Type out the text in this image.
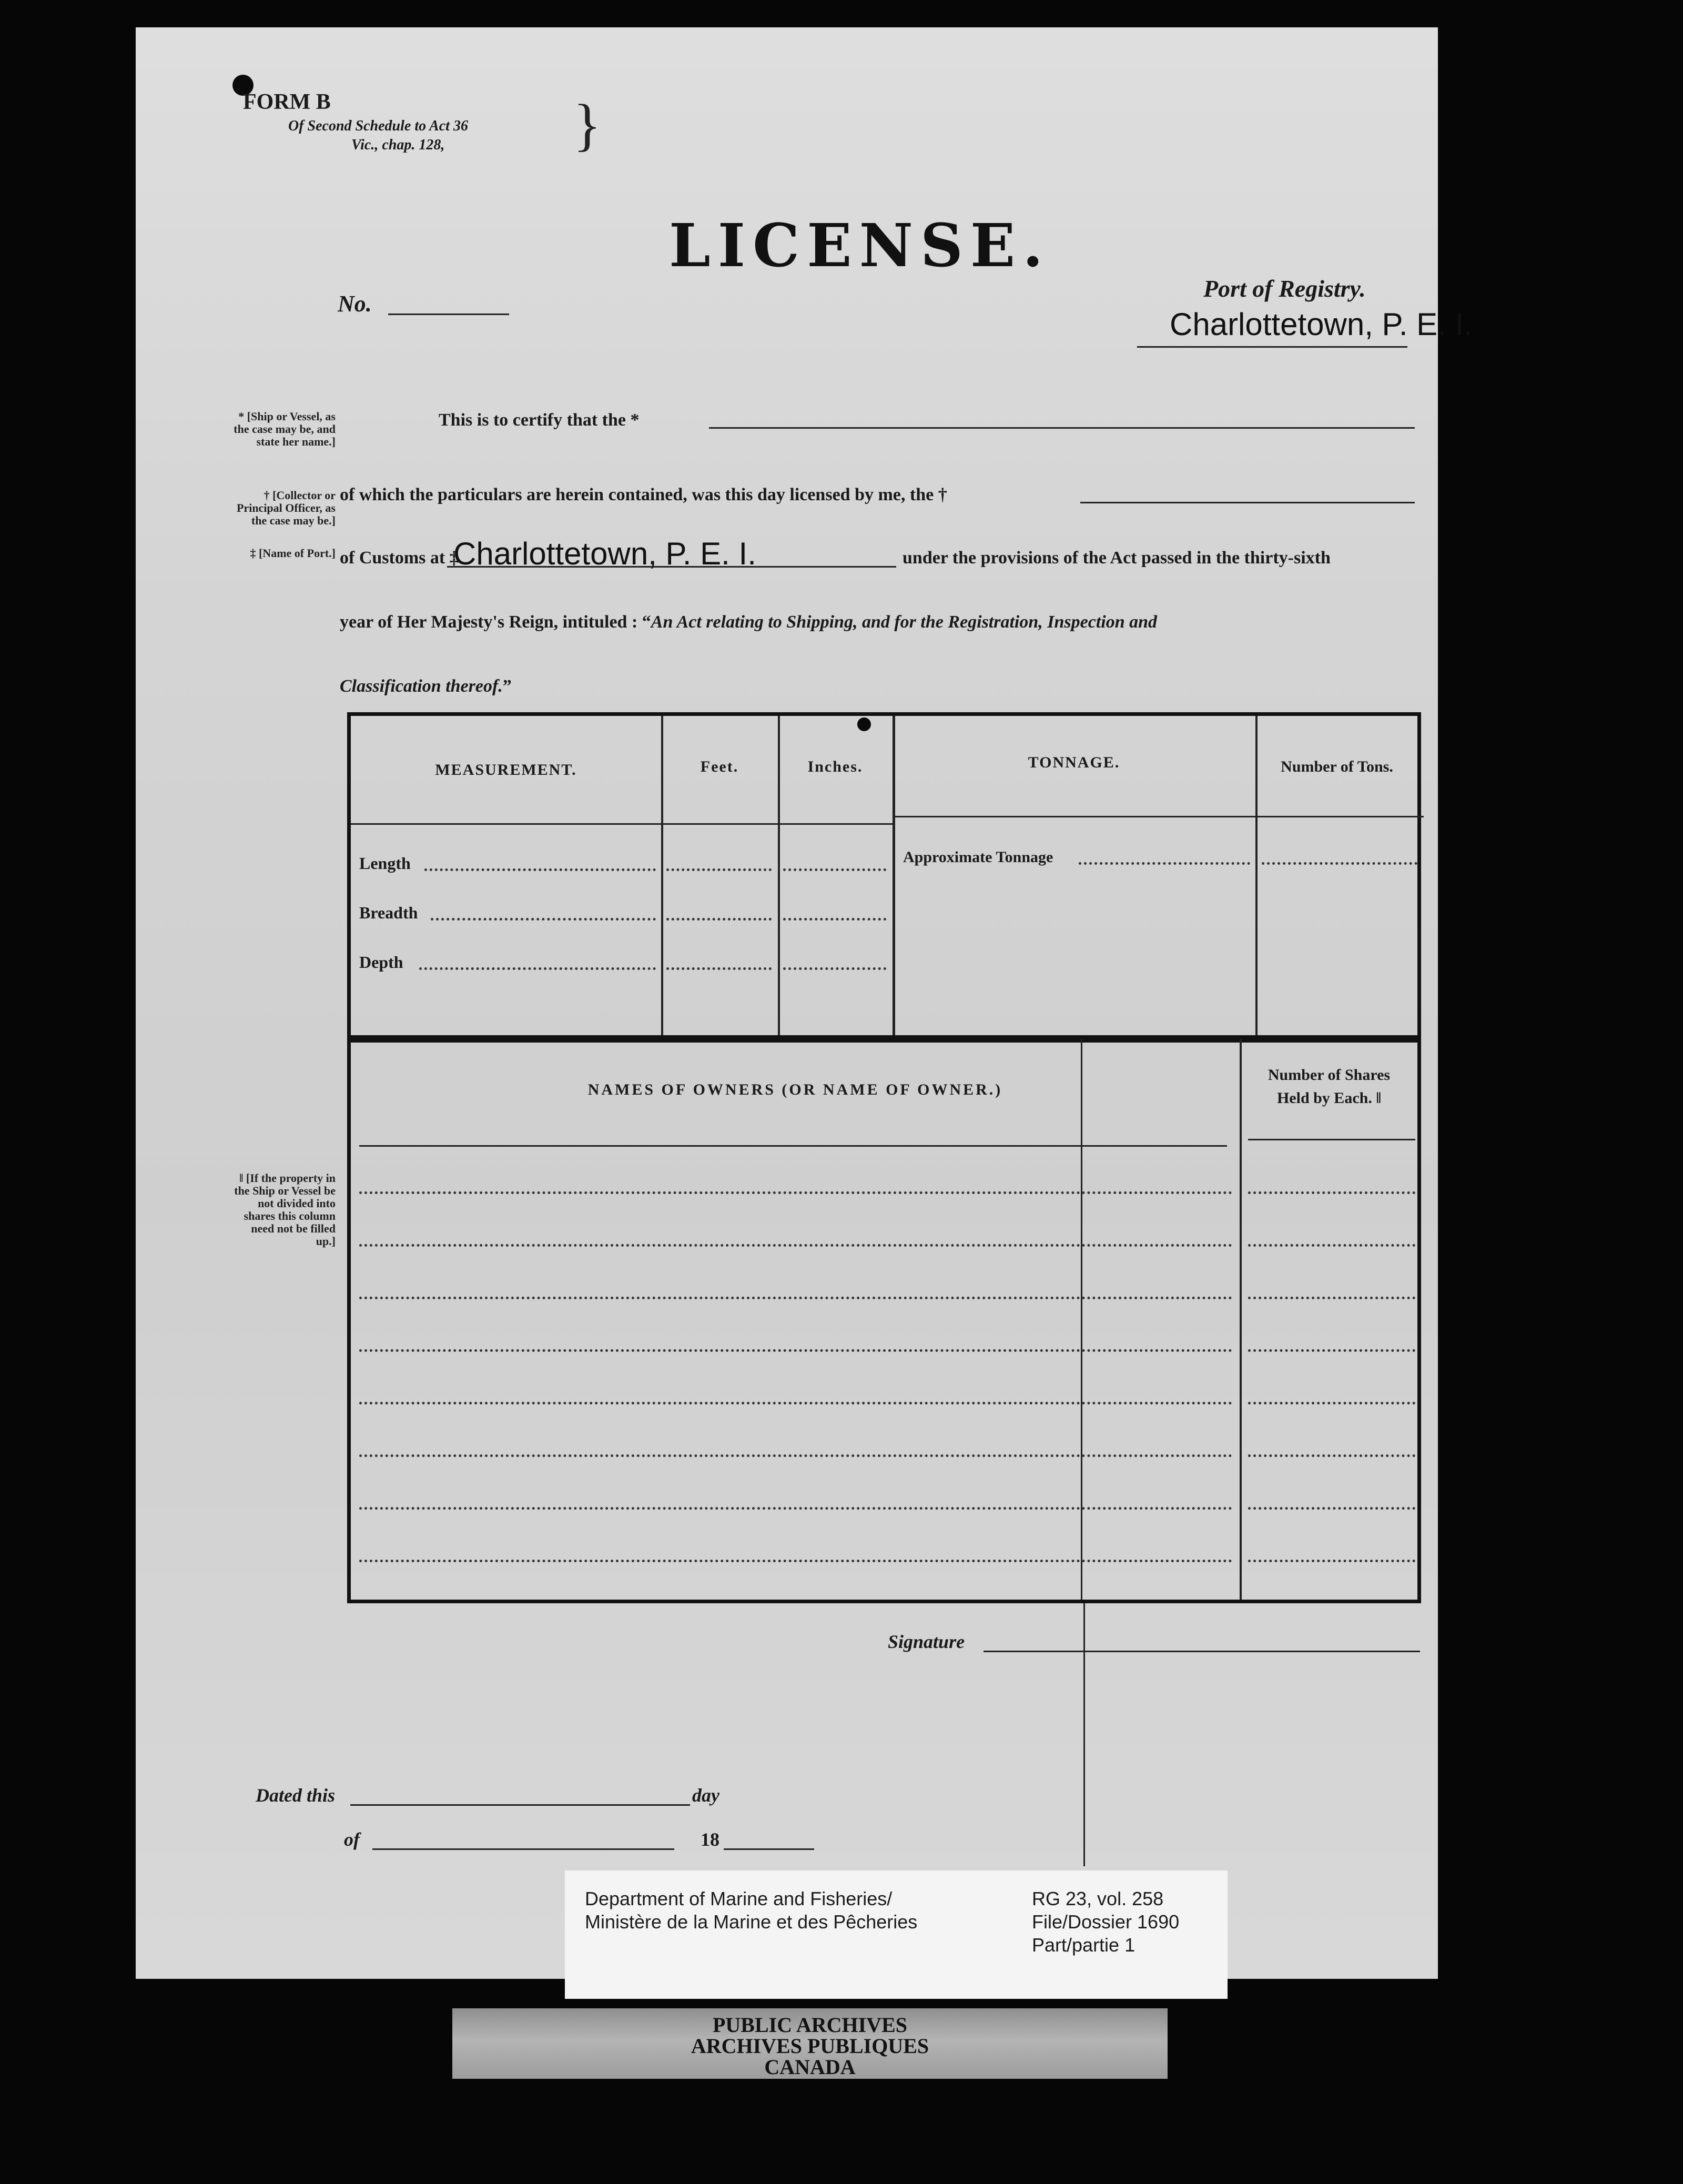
FORM B
Of Second Schedule to Act 36
Vic., chap. 128, }
LICENSE.
No.
Port of Registry.
Charlottetown, P. E. I.
* [Ship or Vessel, as the case may be, and state her name.]
† [Collector or Principal Officer, as the case may be.]
‡ [Name of Port.]
‖ [If the property in the Ship or Vessel be not divided into shares this column need not be filled up.]
This is to certify that the *
of which the particulars are herein contained, was this day licensed by me, the †
of Customs at ‡
Charlottetown, P. E. I.	under the provisions of the Act passed in the thirty-sixth
year of Her Majesty's Reign, intituled : “An Act relating to Shipping, and for the Registration, Inspection and
Classification thereof.”
MEASUREMENT.	Feet.	Inches.	TONNAGE.	Number of Tons.
Length
Breadth
Depth
Approximate Tonnage
NAMES OF OWNERS (OR NAME OF OWNER.)
Number of Shares
Held by Each. ‖
Signature
Dated this	day
of	18
Department of Marine and Fisheries/
Ministère de la Marine et des Pêcheries
RG 23, vol. 258
File/Dossier 1690
Part/partie 1
PUBLIC ARCHIVES
ARCHIVES PUBLIQUES
CANADA
